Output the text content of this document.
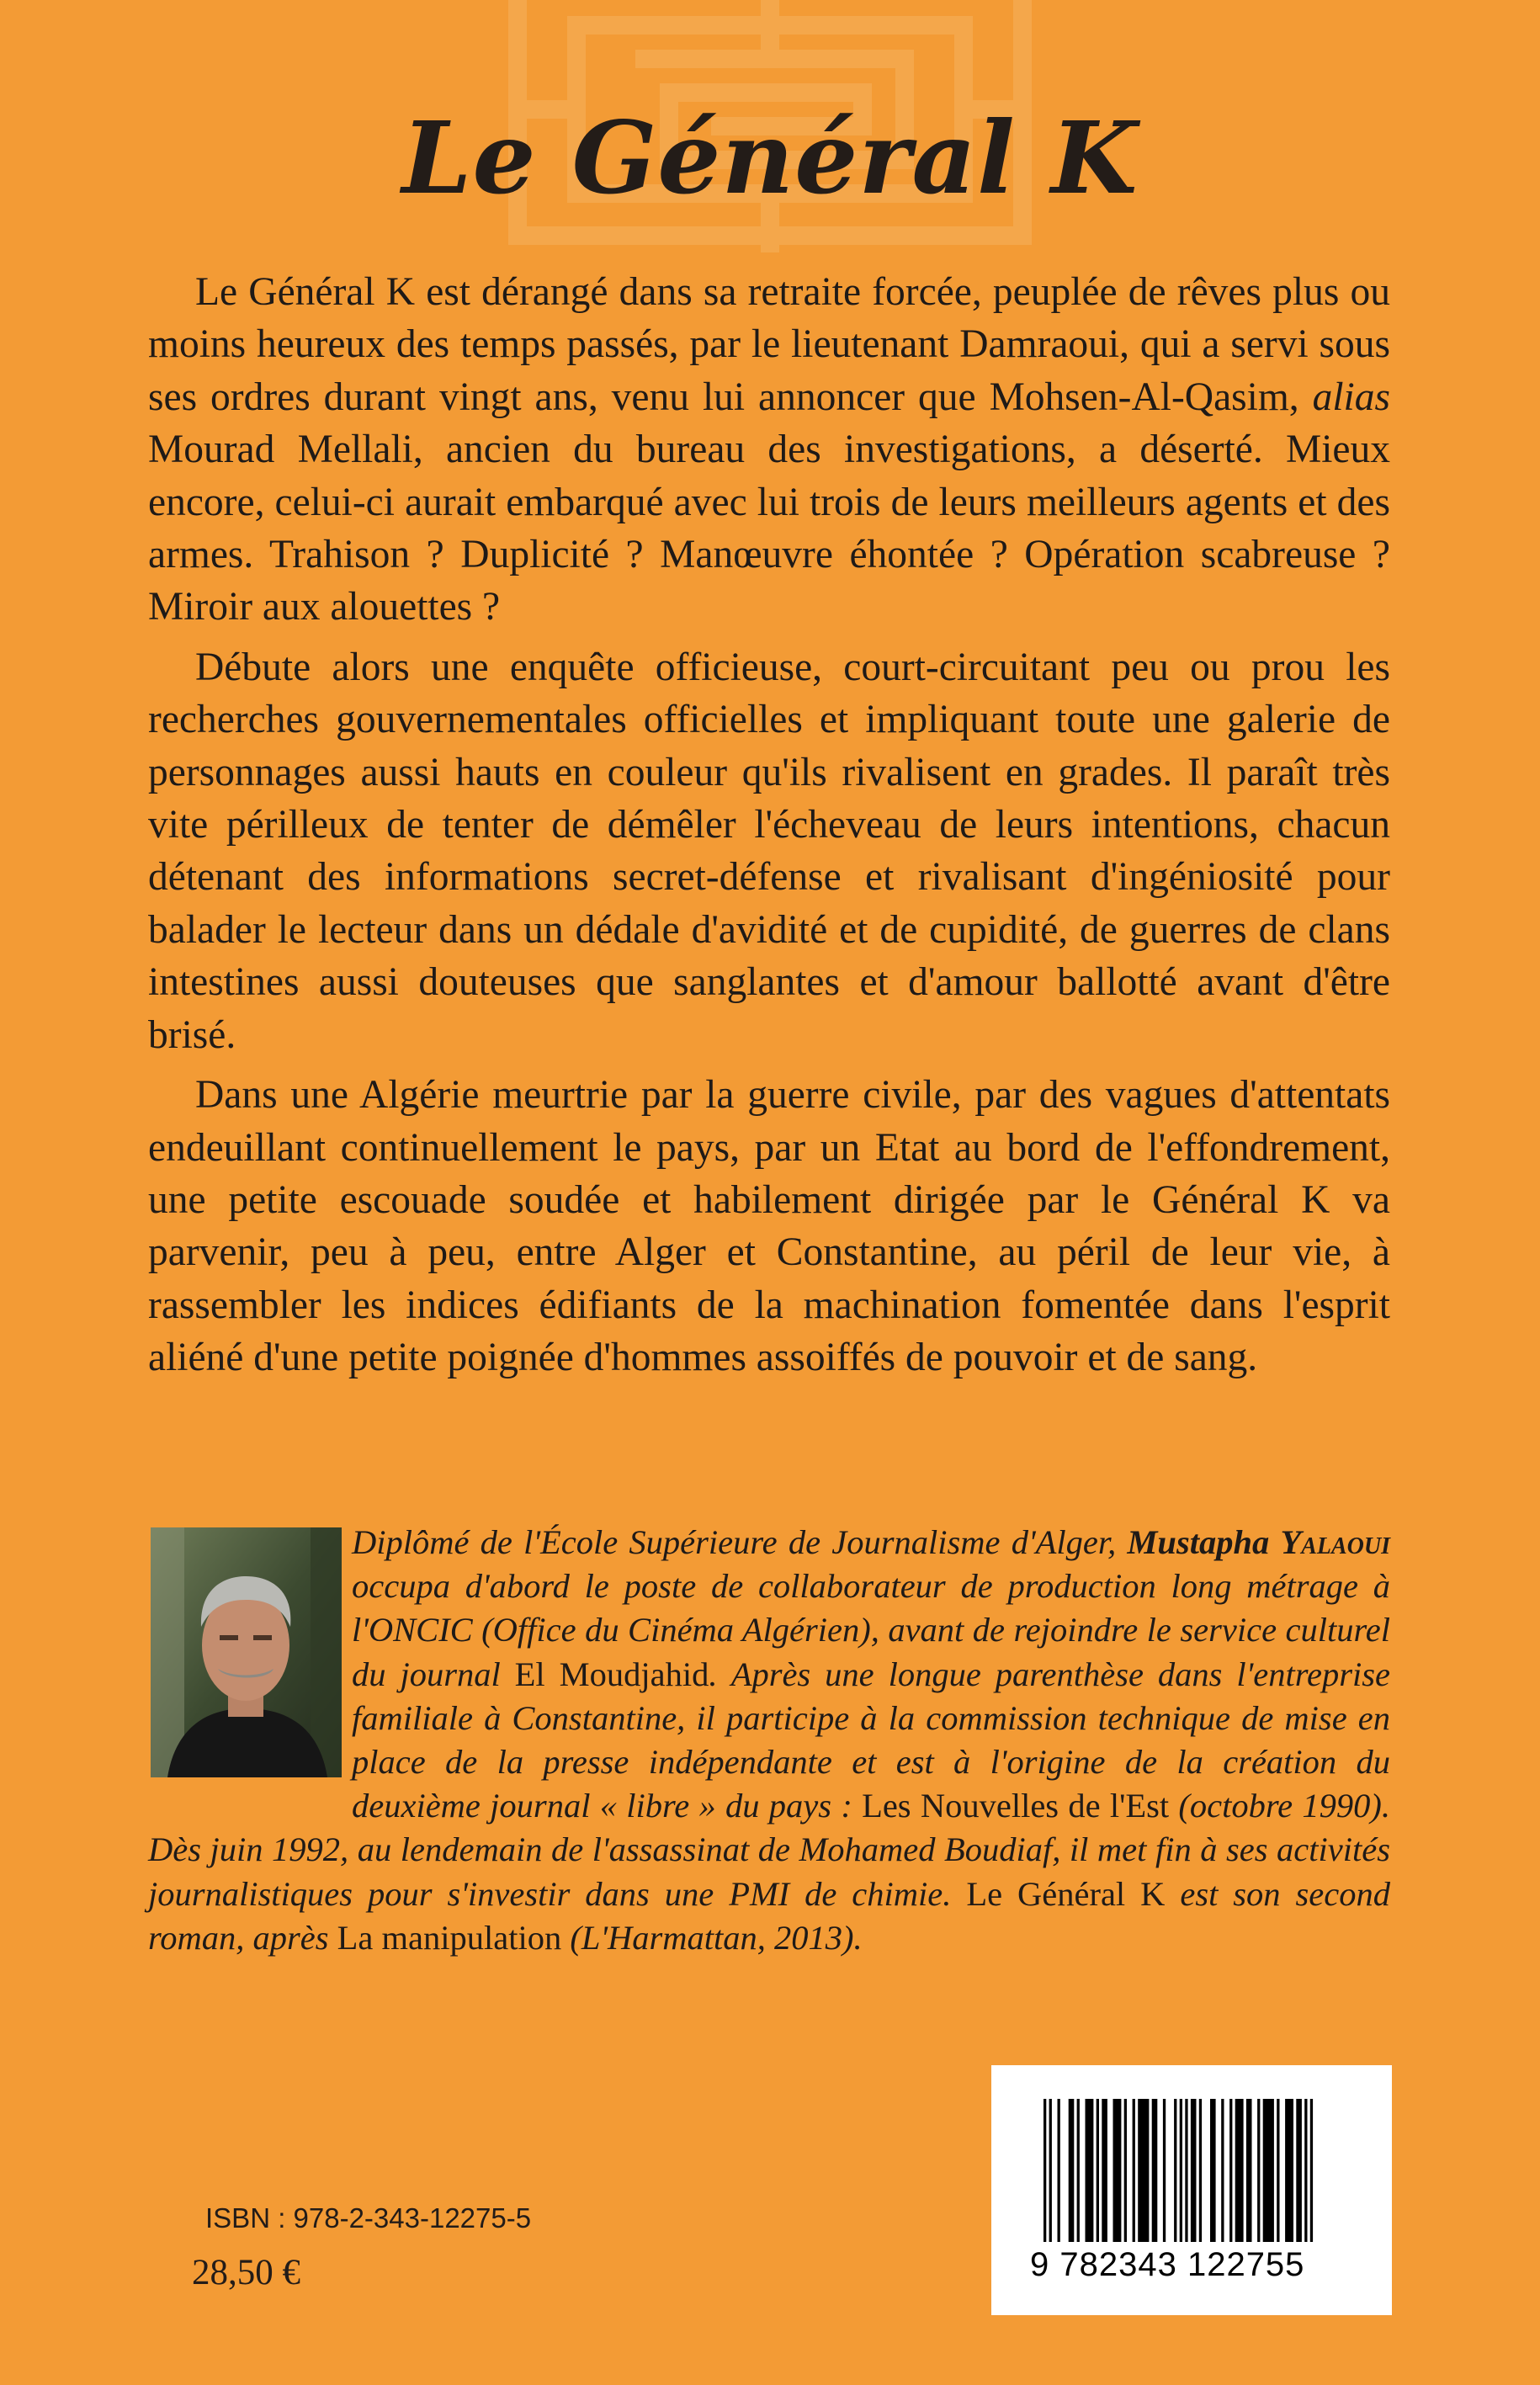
Le Général K

Le Général K est dérangé dans sa retraite forcée, peuplée de rêves plus ou moins heureux des temps passés, par le lieutenant Damraoui, qui a servi sous ses ordres durant vingt ans, venu lui annoncer que Mohsen-Al-Qasim, alias Mourad Mellali, ancien du bureau des investigations, a déserté. Mieux encore, celui-ci aurait embarqué avec lui trois de leurs meilleurs agents et des armes. Trahison ? Duplicité ? Manœuvre éhontée ? Opération scabreuse ? Miroir aux alouettes ?

Débute alors une enquête officieuse, court-circuitant peu ou prou les recherches gouvernementales officielles et impliquant toute une galerie de personnages aussi hauts en couleur qu'ils rivalisent en grades. Il paraît très vite périlleux de tenter de démêler l'écheveau de leurs intentions, chacun détenant des informations secret-défense et rivalisant d'ingéniosité pour balader le lecteur dans un dédale d'avidité et de cupidité, de guerres de clans intestines aussi douteuses que sanglantes et d'amour ballotté avant d'être brisé.

Dans une Algérie meurtrie par la guerre civile, par des vagues d'attentats endeuillant continuellement le pays, par un Etat au bord de l'effondrement, une petite escouade soudée et habilement dirigée par le Général K va parvenir, peu à peu, entre Alger et Constantine, au péril de leur vie, à rassembler les indices édifiants de la machination fomentée dans l'esprit aliéné d'une petite poignée d'hommes assoiffés de pouvoir et de sang.

Diplômé de l'École Supérieure de Journalisme d'Alger, Mustapha Yalaoui occupa d'abord le poste de collaborateur de production long métrage à l'ONCIC (Office du Cinéma Algérien), avant de rejoindre le service culturel du journal El Moudjahid. Après une longue parenthèse dans l'entreprise familiale à Constantine, il participe à la commission technique de mise en place de la presse indépendante et est à l'origine de la création du deuxième journal « libre » du pays : Les Nouvelles de l'Est (octobre 1990). Dès juin 1992, au lendemain de l'assassinat de Mohamed Boudiaf, il met fin à ses activités journalistiques pour s'investir dans une PMI de chimie. Le Général K est son second roman, après La manipulation (L'Harmattan, 2013).
ISBN : 978-2-343-12275-5
28,50 €	9 782343 122755
